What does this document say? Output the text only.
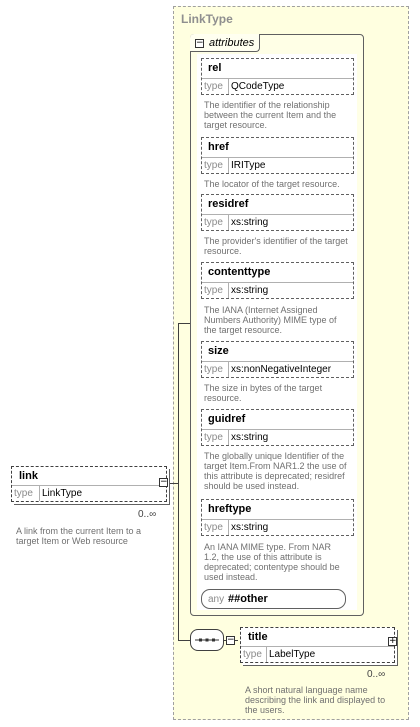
LinkType
− attributes
rel
type QCodeType
The identifier of the relationship
between the current Item and the
target resource.
href
type IRIType
The locator of the target resource.
residref
type xs:string
The provider's identifier of the target
resource.
contenttype
type xs:string
The IANA (Internet Assigned
Numbers Authority) MIME type of
the target resource.
size
type xs:nonNegativeInteger
The size in bytes of the target
resource.
guidref
type xs:string
The globally unique Identifier of the
target Item.From NAR1.2 the use of
this attribute is deprecated; residref
should be used instead.
hreftype
type xs:string
An IANA MIME type. From NAR
1.2, the use of this attribute is
deprecated; contentype should be
used instead.
any ##other
link
type LinkType
−
0..∞
A link from the current Item to a
target Item or Web resource
− title
type LabelType
+
0..∞
A short natural language name
describing the link and displayed to
the users.
